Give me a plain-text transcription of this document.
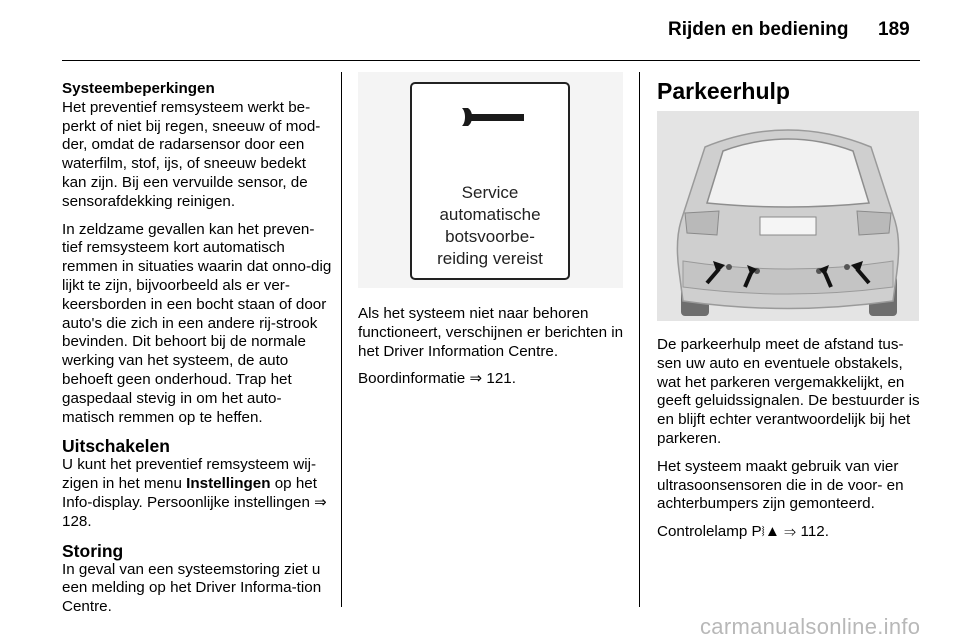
Rijden en bediening 189
Systeembeperkingen

Het preventief remsysteem werkt be-perkt of niet bij regen, sneeuw of mod-der, omdat de radarsensor door een waterfilm, stof, ijs, of sneeuw bedekt kan zijn. Bij een vervuilde sensor, de sensorafdekking reinigen.

In zeldzame gevallen kan het preven-tief remsysteem kort automatisch remmen in situaties waarin dat onno-dig lijkt te zijn, bijvoorbeeld als er ver-keersborden in een bocht staan of door auto's die zich in een andere rij-strook bevinden. Dit behoort bij de normale werking van het systeem, de auto behoeft geen onderhoud. Trap het gaspedaal stevig in om het auto-matisch remmen op te heffen.

Uitschakelen

U kunt het preventief remsysteem wij-zigen in het menu Instellingen op het Info-display. Persoonlijke instellingen ⇒ 128.

Storing

In geval van een systeemstoring ziet u een melding op het Driver Informa-tion Centre.

Service
automatische
botsvoorbe-
reiding vereist

Als het systeem niet naar behoren functioneert, verschijnen er berichten in het Driver Information Centre.

Boordinformatie ⇒ 121.

Parkeerhulp

De parkeerhulp meet de afstand tus-sen uw auto en eventuele obstakels, wat het parkeren vergemakkelijkt, en geeft geluidssignalen. De bestuurder is en blijft echter verantwoordelijk bij het parkeren.

Het systeem maakt gebruik van vier ultrasoonsensoren die in de voor- en achterbumpers zijn gemonteerd.

Controlelamp P⧘▲ ⇒ 112.

carmanualsonline.info
